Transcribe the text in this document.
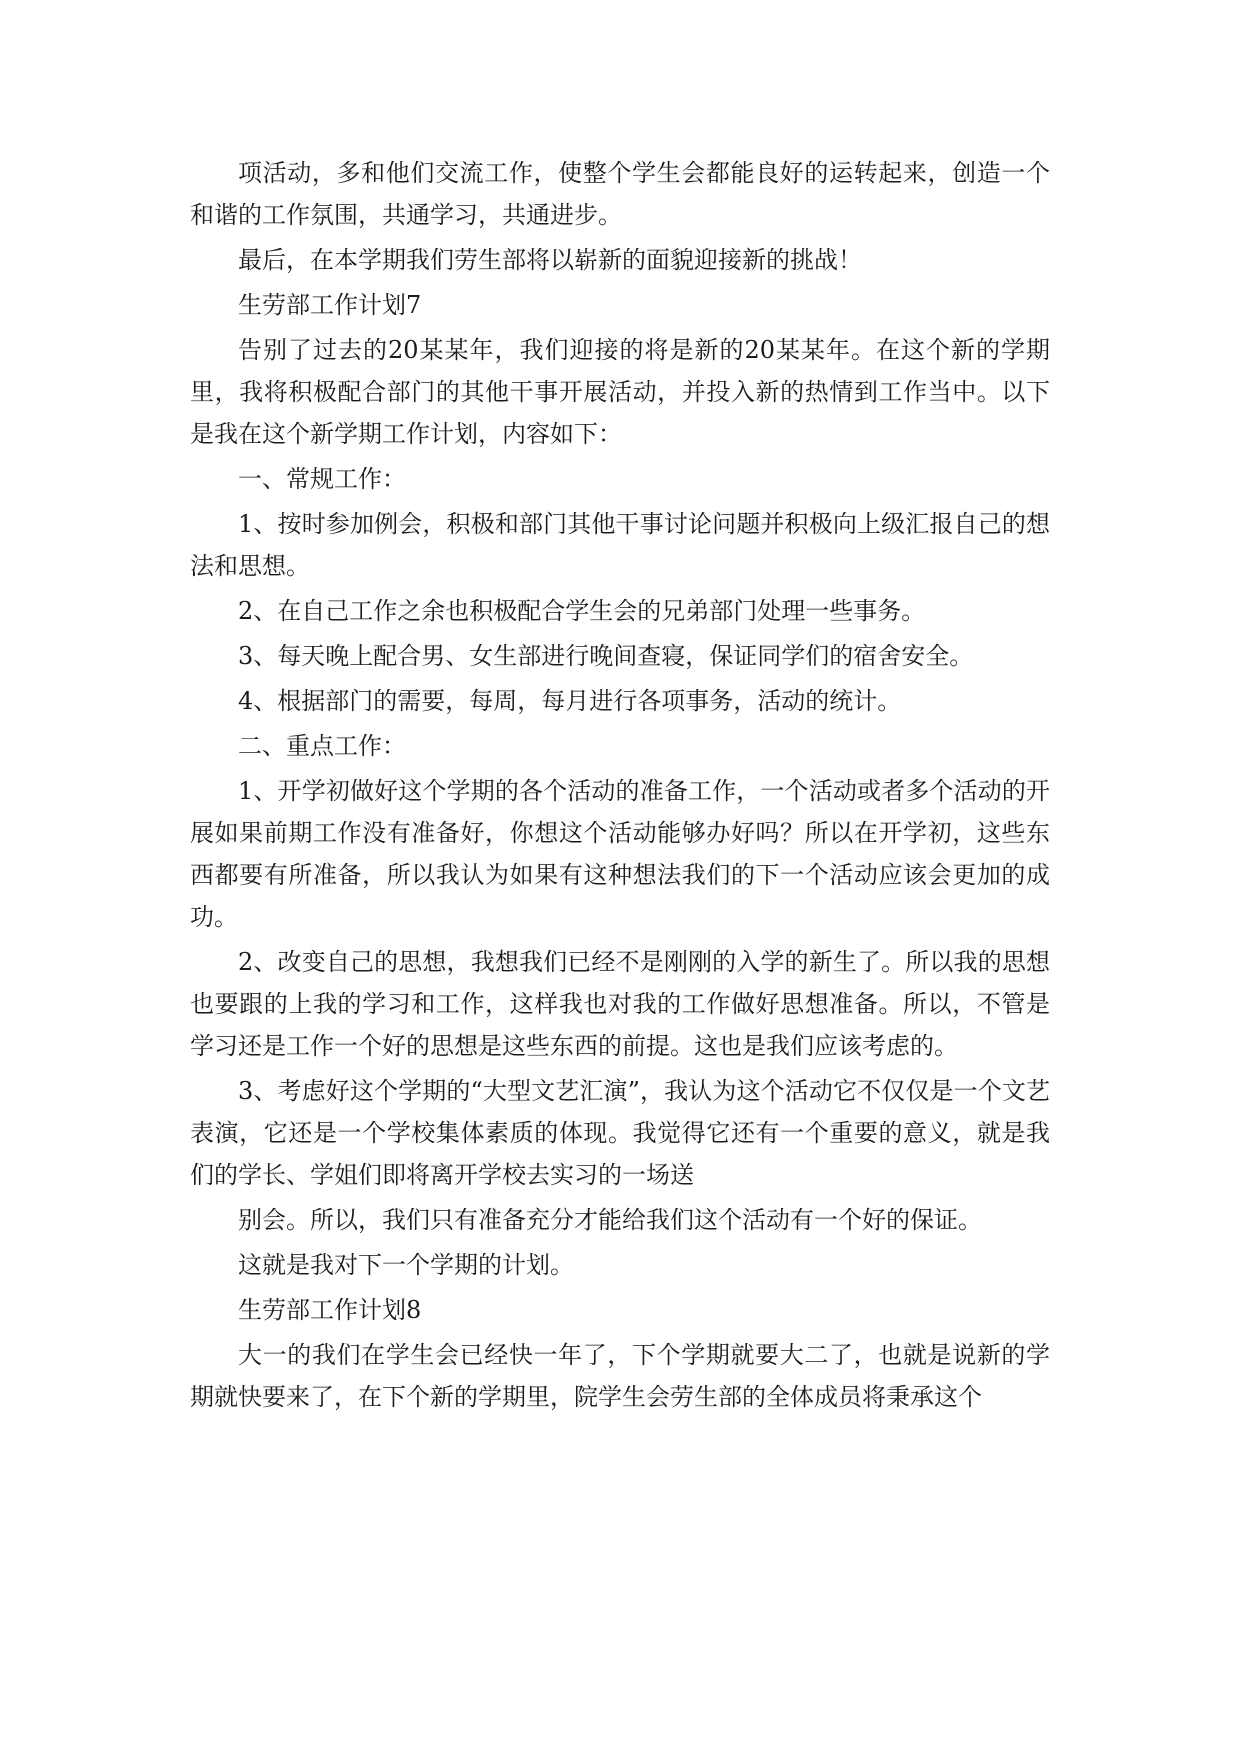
项活动，多和他们交流工作，使整个学生会都能良好的运转起来，创造一个和谐的工作氛围，共通学习，共通进步。

最后，在本学期我们劳生部将以崭新的面貌迎接新的挑战！

生劳部工作计划7

告别了过去的20某某年，我们迎接的将是新的20某某年。在这个新的学期里，我将积极配合部门的其他干事开展活动，并投入新的热情到工作当中。以下是我在这个新学期工作计划，内容如下：

一、常规工作：

1、按时参加例会，积极和部门其他干事讨论问题并积极向上级汇报自己的想法和思想。

2、在自己工作之余也积极配合学生会的兄弟部门处理一些事务。

3、每天晚上配合男、女生部进行晚间查寝，保证同学们的宿舍安全。

4、根据部门的需要，每周，每月进行各项事务，活动的统计。

二、重点工作：

1、开学初做好这个学期的各个活动的准备工作，一个活动或者多个活动的开展如果前期工作没有准备好，你想这个活动能够办好吗？所以在开学初，这些东西都要有所准备，所以我认为如果有这种想法我们的下一个活动应该会更加的成功。

2、改变自己的思想，我想我们已经不是刚刚的入学的新生了。所以我的思想也要跟的上我的学习和工作，这样我也对我的工作做好思想准备。所以，不管是学习还是工作一个好的思想是这些东西的前提。这也是我们应该考虑的。

3、考虑好这个学期的“大型文艺汇演”，我认为这个活动它不仅仅是一个文艺表演，它还是一个学校集体素质的体现。我觉得它还有一个重要的意义，就是我们的学长、学姐们即将离开学校去实习的一场送

别会。所以，我们只有准备充分才能给我们这个活动有一个好的保证。

这就是我对下一个学期的计划。

生劳部工作计划8

大一的我们在学生会已经快一年了，下个学期就要大二了，也就是说新的学期就快要来了，在下个新的学期里，院学生会劳生部的全体成员将秉承这个
